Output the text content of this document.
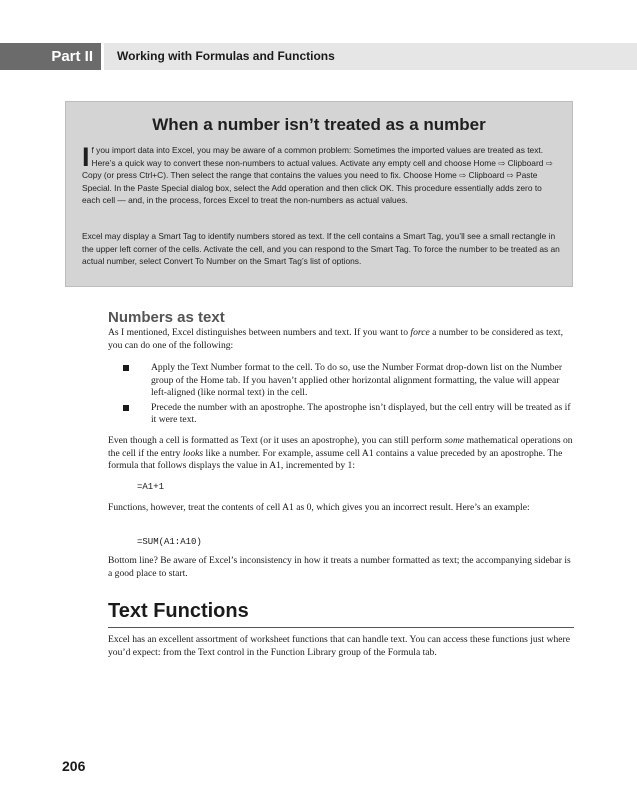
Part II	Working with Formulas and Functions
When a number isn’t treated as a number

If you import data into Excel, you may be aware of a common problem: Sometimes the imported values are treated as text. Here’s a quick way to convert these non-numbers to actual values. Activate any empty cell and choose Home ⇨ Clipboard ⇨ Copy (or press Ctrl+C). Then select the range that contains the values you need to fix. Choose Home ⇨ Clipboard ⇨ Paste Special. In the Paste Special dialog box, select the Add operation and then click OK. This procedure essentially adds zero to each cell — and, in the process, forces Excel to treat the non-numbers as actual values.

Excel may display a Smart Tag to identify numbers stored as text. If the cell contains a Smart Tag, you’ll see a small rectangle in the upper left corner of the cells. Activate the cell, and you can respond to the Smart Tag. To force the number to be treated as an actual number, select Convert To Number on the Smart Tag’s list of options.

Numbers as text

As I mentioned, Excel distinguishes between numbers and text. If you want to force a number to be considered as text, you can do one of the following:

Apply the Text Number format to the cell. To do so, use the Number Format drop-down list on the Number group of the Home tab. If you haven’t applied other horizontal alignment formatting, the value will appear left-aligned (like normal text) in the cell.
Precede the number with an apostrophe. The apostrophe isn’t displayed, but the cell entry will be treated as if it were text.

Even though a cell is formatted as Text (or it uses an apostrophe), you can still perform some mathematical operations on the cell if the entry looks like a number. For example, assume cell A1 contains a value preceded by an apostrophe. The formula that follows displays the value in A1, incremented by 1:

=A1+1

Functions, however, treat the contents of cell A1 as 0, which gives you an incorrect result. Here’s an example:

=SUM(A1:A10)

Bottom line? Be aware of Excel’s inconsistency in how it treats a number formatted as text; the accompanying sidebar is a good place to start.

Text Functions

Excel has an excellent assortment of worksheet functions that can handle text. You can access these functions just where you’d expect: from the Text control in the Function Library group of the Formula tab.

206
